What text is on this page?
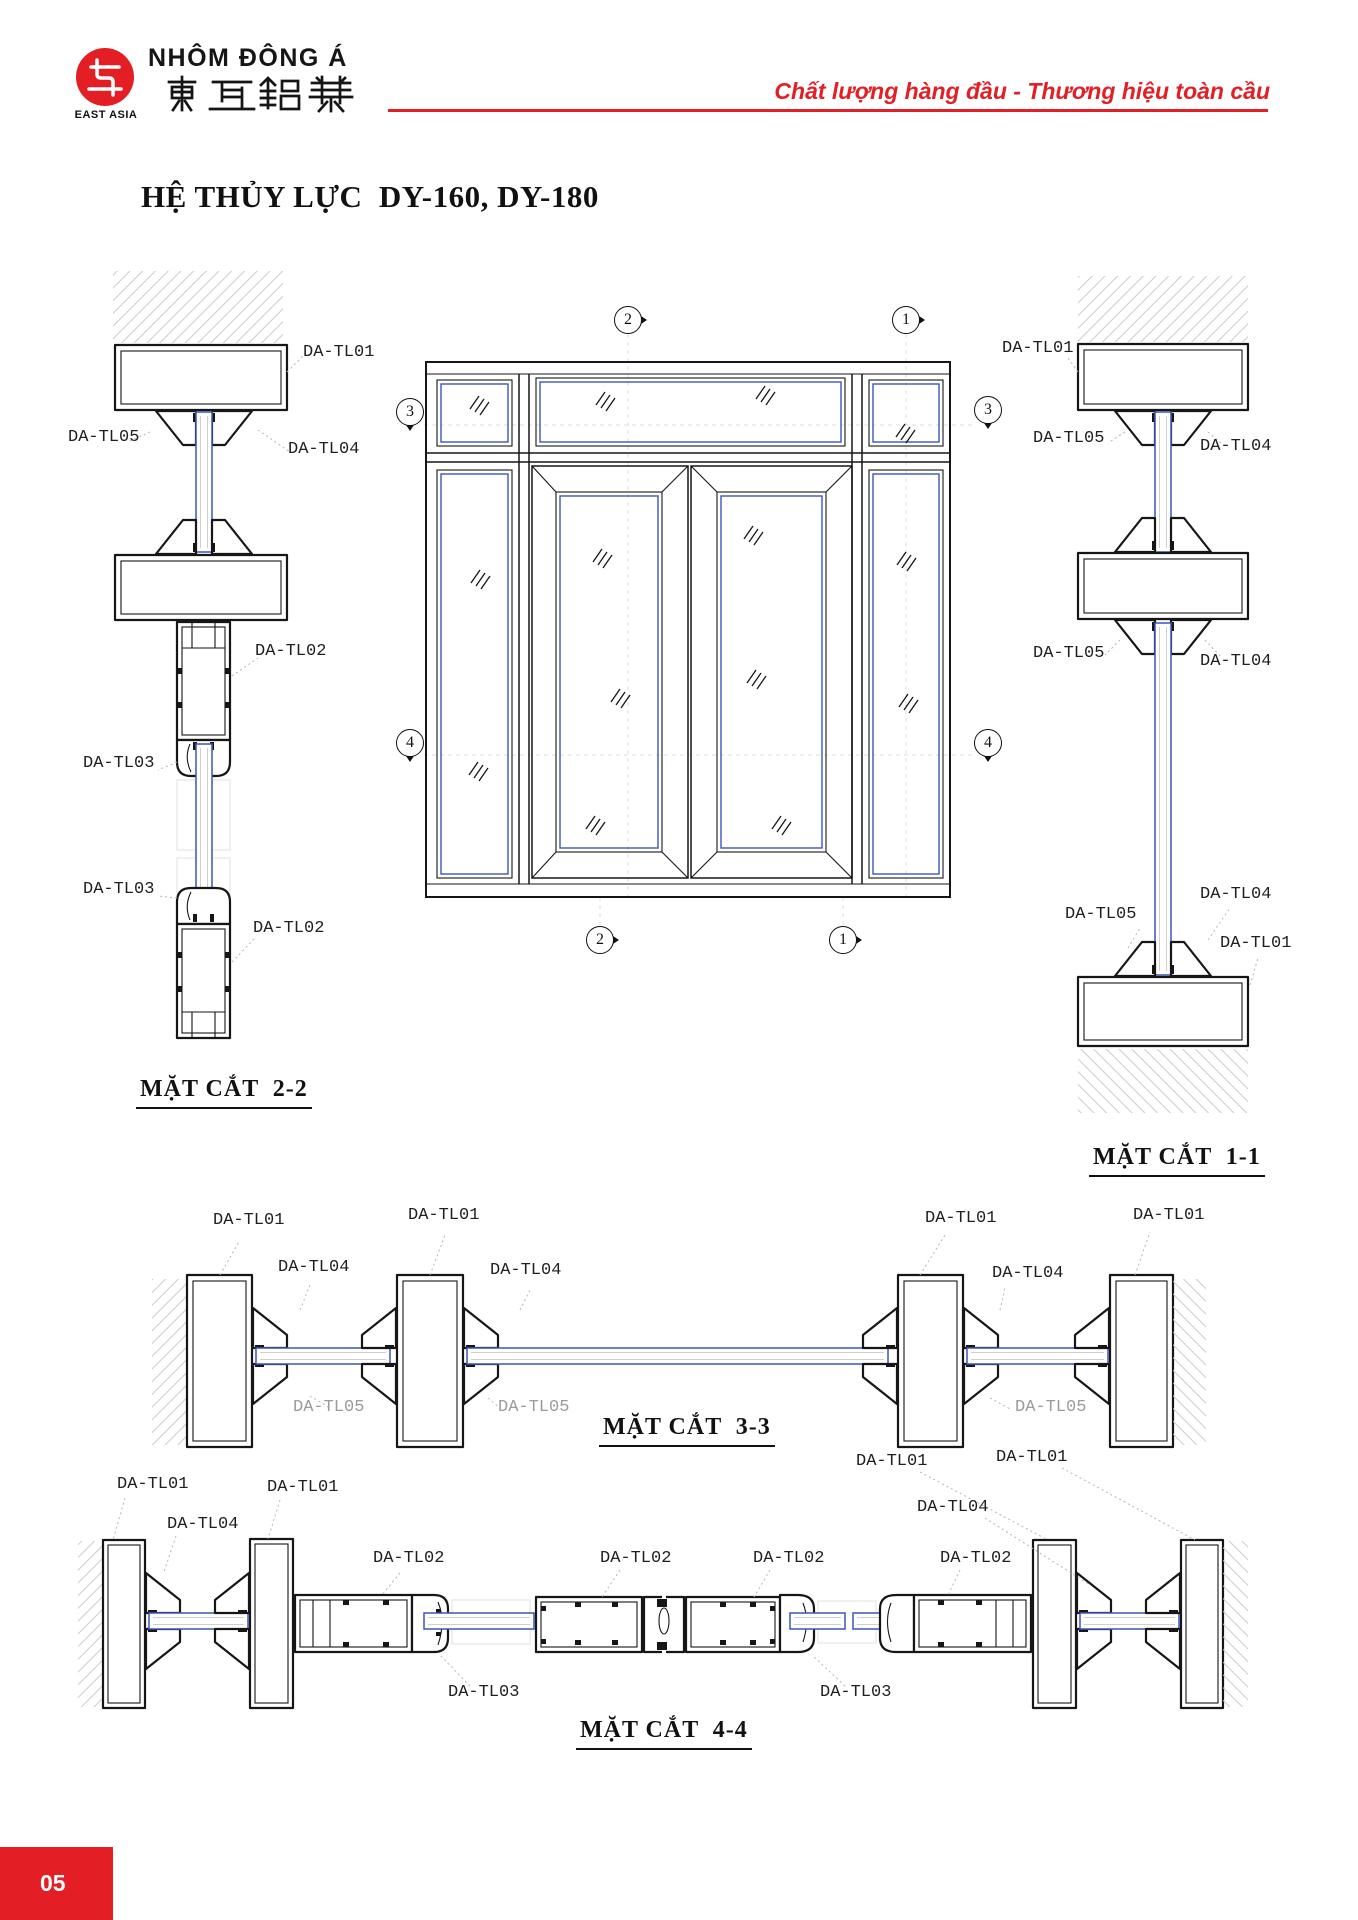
EAST ASIA
NHÔM ĐÔNG Á
Chất lượng hàng đầu - Thương hiệu toàn cầu
HỆ THỦY LỰC  DY-160, DY-180
DA-TL01
DA-TL05
DA-TL04
DA-TL02
DA-TL03
DA-TL03
DA-TL02
DA-TL01
DA-TL05	DA-TL04
DA-TL05	DA-TL04
DA-TL05
DA-TL04
DA-TL01
DA-TL01	DA-TL01
DA-TL04	DA-TL04
DA-TL05	DA-TL05
DA-TL01	DA-TL01
DA-TL04
DA-TL05
DA-TL01	DA-TL01
DA-TL04
DA-TL02	DA-TL02	DA-TL02	DA-TL02
DA-TL03	DA-TL03
DA-TL01	DA-TL01
DA-TL04
2	1
3	3
4	4
2	1
MẶT CẮT  2-2
MẶT CẮT  1-1
MẶT CẮT  3-3
MẶT CẮT  4-4
05
